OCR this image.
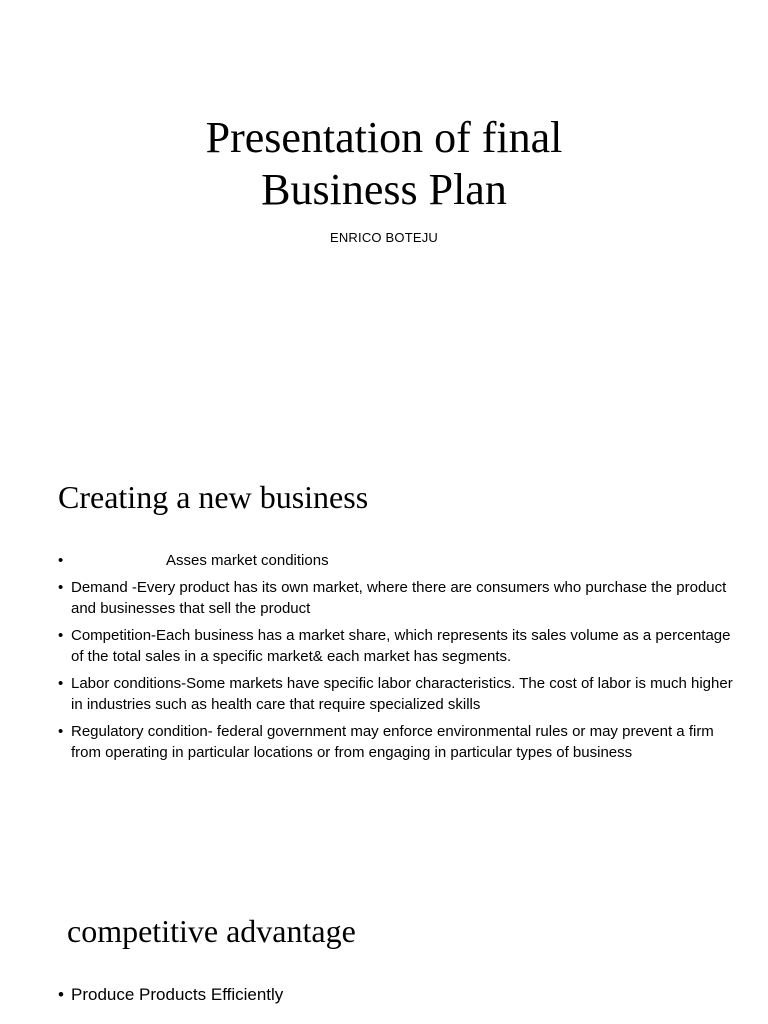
Presentation of final
Business Plan
ENRICO BOTEJU
Creating a new business
•	Asses market conditions
• Demand -Every product has its own market, where there are consumers who purchase the product and businesses that sell the product
• Competition-Each business has a market share, which represents its sales volume as a percentage of the total sales in a specific market& each market has segments.
• Labor conditions-Some markets have specific labor characteristics. The cost of labor is much higher in industries such as health care that require specialized skills
• Regulatory condition- federal government may enforce environmental rules or may prevent a firm from operating in particular locations or from engaging in particular types of business
competitive advantage
• Produce Products Efficiently
